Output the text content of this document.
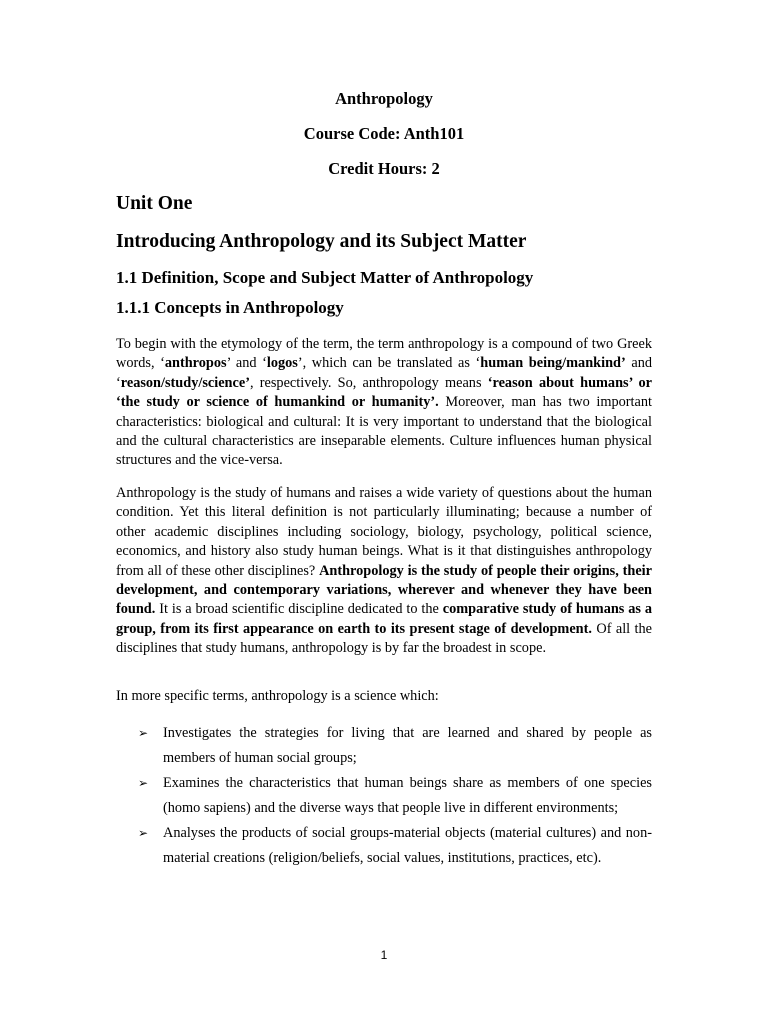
Anthropology
Course Code: Anth101
Credit Hours: 2
Unit One
Introducing Anthropology and its Subject Matter
1.1 Definition, Scope and Subject Matter of Anthropology
1.1.1 Concepts in Anthropology

To begin with the etymology of the term, the term anthropology is a compound of two Greek words, ‘anthropos’ and ‘logos’, which can be translated as ‘human being/mankind’ and ‘reason/study/science’, respectively. So, anthropology means ‘reason about humans’ or ‘the study or science of humankind or humanity’. Moreover, man has two important characteristics: biological and cultural: It is very important to understand that the biological and the cultural characteristics are inseparable elements. Culture influences human physical structures and the vice-versa.

Anthropology is the study of humans and raises a wide variety of questions about the human condition. Yet this literal definition is not particularly illuminating; because a number of other academic disciplines including sociology, biology, psychology, political science, economics, and history also study human beings. What is it that distinguishes anthropology from all of these other disciplines? Anthropology is the study of people their origins, their development, and contemporary variations, wherever and whenever they have been found. It is a broad scientific discipline dedicated to the comparative study of humans as a group, from its first appearance on earth to its present stage of development. Of all the disciplines that study humans, anthropology is by far the broadest in scope.

In more specific terms, anthropology is a science which:
➢ Investigates the strategies for living that are learned and shared by people as members of human social groups;
➢ Examines the characteristics that human beings share as members of one species (homo sapiens) and the diverse ways that people live in different environments;
➢ Analyses the products of social groups-material objects (material cultures) and non-material creations (religion/beliefs, social values, institutions, practices, etc).
1
